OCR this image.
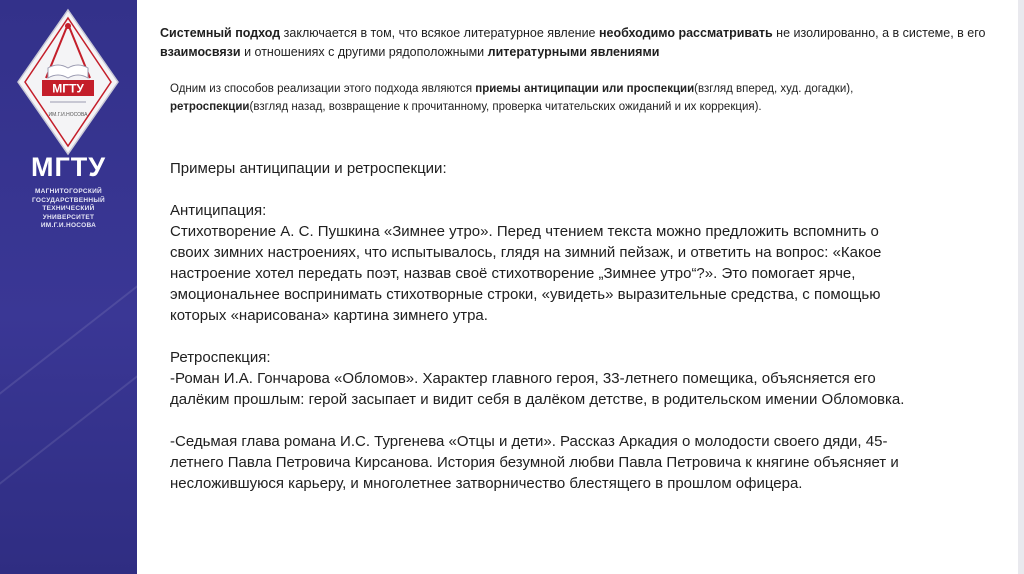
МГТУ
ИМ.Г.И.НОСОВА
МГТУ
МАГНИТОГОРСКИЙ
ГОСУДАРСТВЕННЫЙ
ТЕХНИЧЕСКИЙ
УНИВЕРСИТЕТ
ИМ.Г.И.НОСОВА
Системный подход заключается в том, что всякое литературное явление необходимо рассматривать не изолированно, а в системе, в его взаимосвязи и отношениях с другими рядоположными литературными явлениями
Одним из способов реализации этого подхода являются приемы антиципации или проспекции(взгляд вперед, худ. догадки),
ретроспекции(взгляд назад, возвращение к прочитанному, проверка читательских ожиданий и их коррекция).

Примеры антиципации и ретроспекции:

Антиципация:

Стихотворение А. С. Пушкина «Зимнее утро». Перед чтением текста можно предложить вспомнить о своих зимних настроениях, что испытывалось, глядя на зимний пейзаж, и ответить на вопрос: «Какое настроение хотел передать поэт, назвав своё стихотворение „Зимнее утро“?». Это помогает ярче, эмоциональнее воспринимать стихотворные строки, «увидеть» выразительные средства, с помощью которых «нарисована» картина зимнего утра.

Ретроспекция:

-Роман И.А. Гончарова «Обломов». Характер главного героя, 33-летнего помещика, объясняется его далёким прошлым: герой засыпает и видит себя в далёком детстве, в родительском имении Обломовка.

-Седьмая глава романа И.С. Тургенева «Отцы и дети». Рассказ Аркадия о молодости своего дяди, 45-летнего Павла Петровича Кирсанова. История безумной любви Павла Петровича к княгине объясняет и несложившуюся карьеру, и многолетнее затворничество блестящего в прошлом офицера.
